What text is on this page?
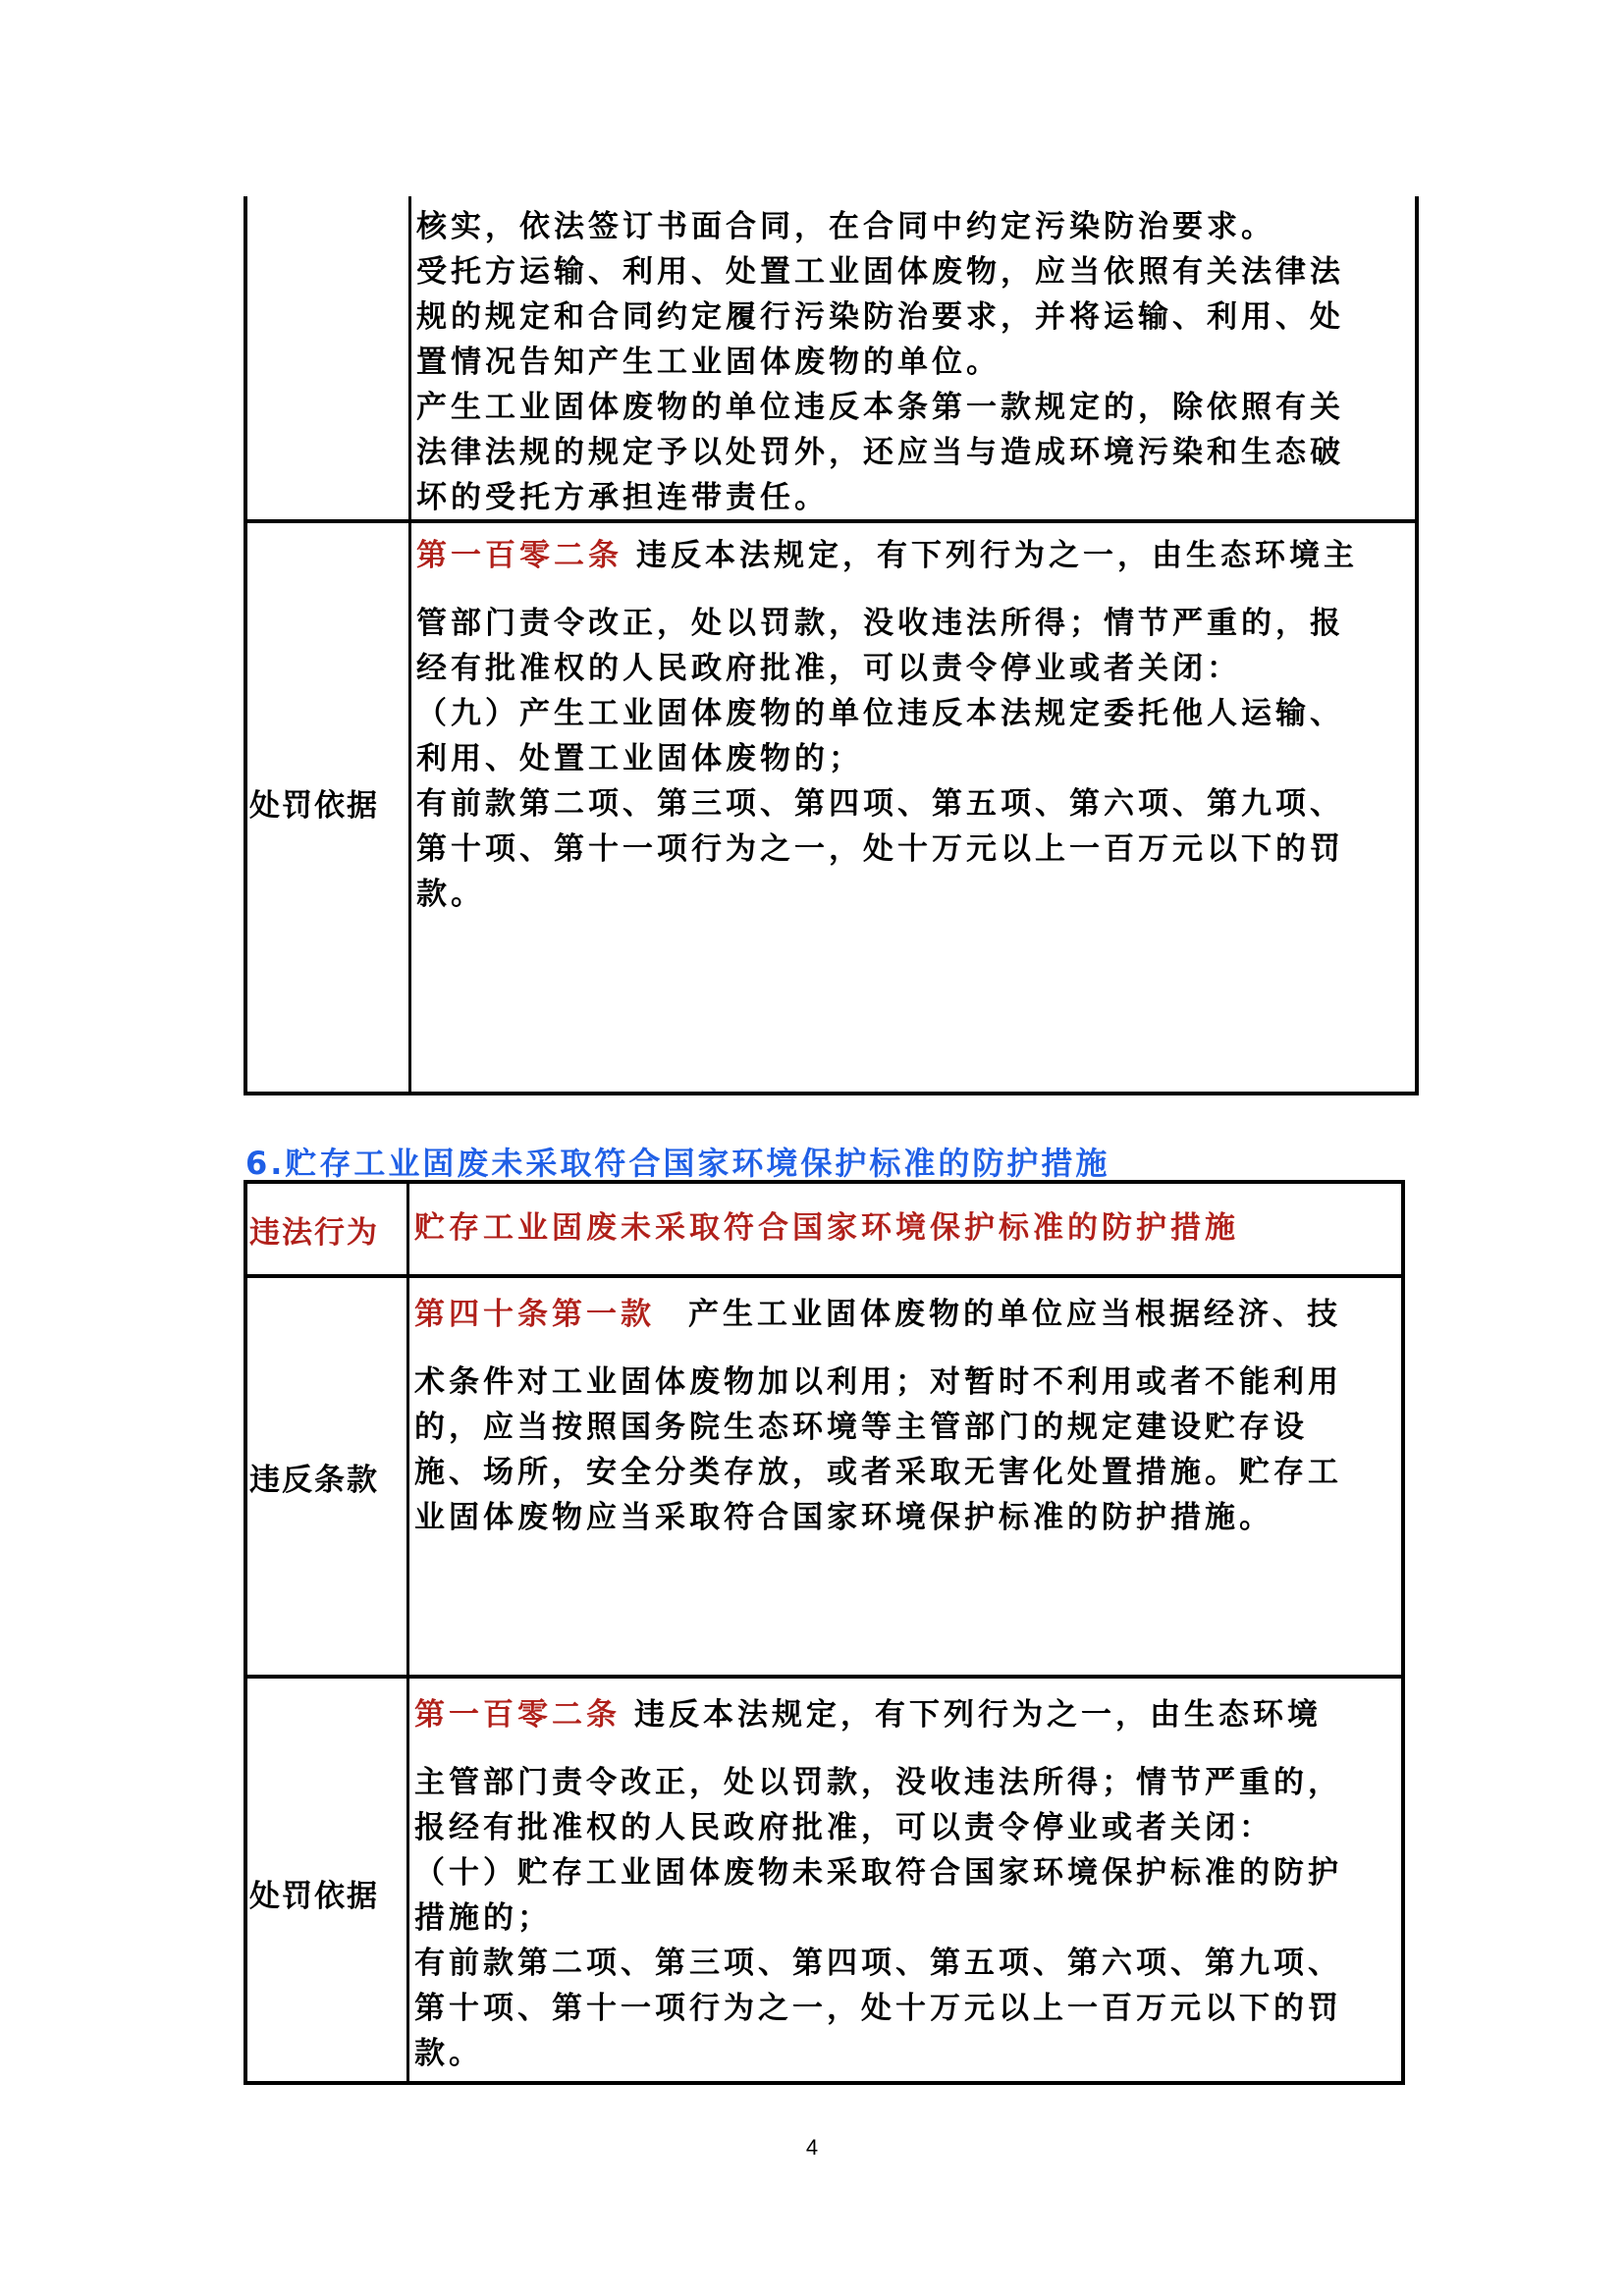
核实，依法签订书面合同，在合同中约定污染防治要求。

受托方运输、利用、处置工业固体废物，应当依照有关法律法

规的规定和合同约定履行污染防治要求，并将运输、利用、处

置情况告知产生工业固体废物的单位。

产生工业固体废物的单位违反本条第一款规定的，除依照有关

法律法规的规定予以处罚外，还应当与造成环境污染和生态破

坏的受托方承担连带责任。

处罚依据

第一百零二条 违反本法规定，有下列行为之一，由生态环境主

管部门责令改正，处以罚款，没收违法所得；情节严重的，报

经有批准权的人民政府批准，可以责令停业或者关闭：

（九）产生工业固体废物的单位违反本法规定委托他人运输、

利用、处置工业固体废物的；

有前款第二项、第三项、第四项、第五项、第六项、第九项、

第十项、第十一项行为之一，处十万元以上一百万元以下的罚

款。

6.贮存工业固废未采取符合国家环境保护标准的防护措施
违法行为 贮存工业固废未采取符合国家环境保护标准的防护措施
违反条款

第四十条第一款 产生工业固体废物的单位应当根据经济、技

术条件对工业固体废物加以利用；对暂时不利用或者不能利用

的，应当按照国务院生态环境等主管部门的规定建设贮存设

施、场所，安全分类存放，或者采取无害化处置措施。贮存工

业固体废物应当采取符合国家环境保护标准的防护措施。

处罚依据

第一百零二条 违反本法规定，有下列行为之一，由生态环境

主管部门责令改正，处以罚款，没收违法所得；情节严重的，

报经有批准权的人民政府批准，可以责令停业或者关闭：

（十）贮存工业固体废物未采取符合国家环境保护标准的防护

措施的；

有前款第二项、第三项、第四项、第五项、第六项、第九项、

第十项、第十一项行为之一，处十万元以上一百万元以下的罚

款。

4
